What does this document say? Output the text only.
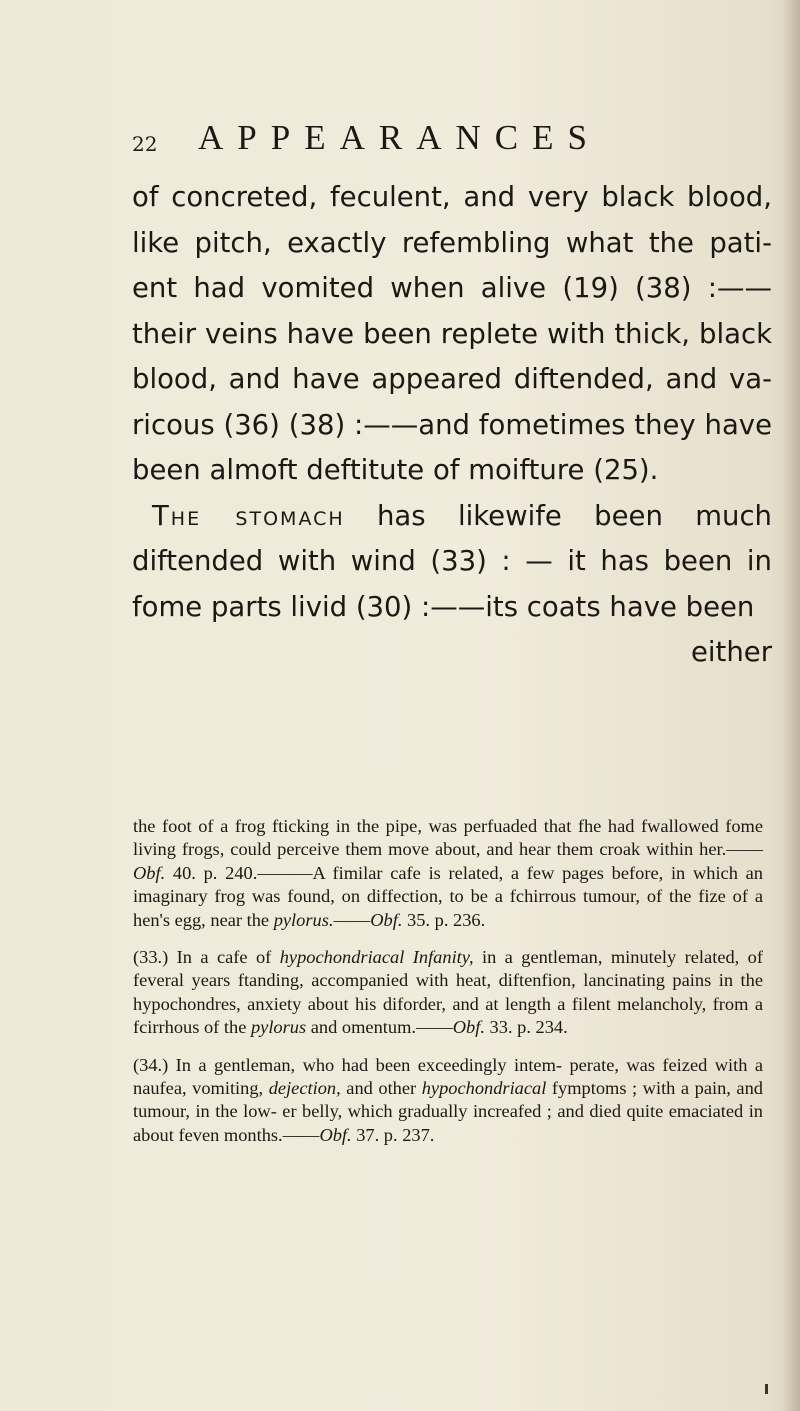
22 APPEARANCES

of concreted, feculent, and very black blood, like pitch, exactly refembling what the pati- ent had vomited when alive (19) (38) :—— their veins have been replete with thick, black blood, and have appeared diftended, and va- ricous (36) (38) :——and fometimes they have been almoft deftitute of moifture (25).

The stomach has likewife been much diftended with wind (33) : — it has been in fome parts livid (30) :——its coats have been

either

the foot of a frog fticking in the pipe, was perfuaded that fhe had fwallowed fome living frogs, could perceive them move about, and hear them croak within her.——Obf. 40. p. 240.———A fimilar cafe is related, a few pages before, in which an imaginary frog was found, on diffection, to be a fchirrous tumour, of the fize of a hen's egg, near the pylorus.——Obf. 35. p. 236.

(33.) In a cafe of hypochondriacal Infanity, in a gentleman, minutely related, of feveral years ftanding, accompanied with heat, diftenfion, lancinating pains in the hypochondres, anxiety about his diforder, and at length a filent melancholy, from a fcirrhous of the pylorus and omentum.——Obf. 33. p. 234.

(34.) In a gentleman, who had been exceedingly intem- perate, was feized with a naufea, vomiting, dejection, and other hypochondriacal fymptoms ; with a pain, and tumour, in the low- er belly, which gradually increafed ; and died quite emaciated in about feven months.——Obf. 37. p. 237.
